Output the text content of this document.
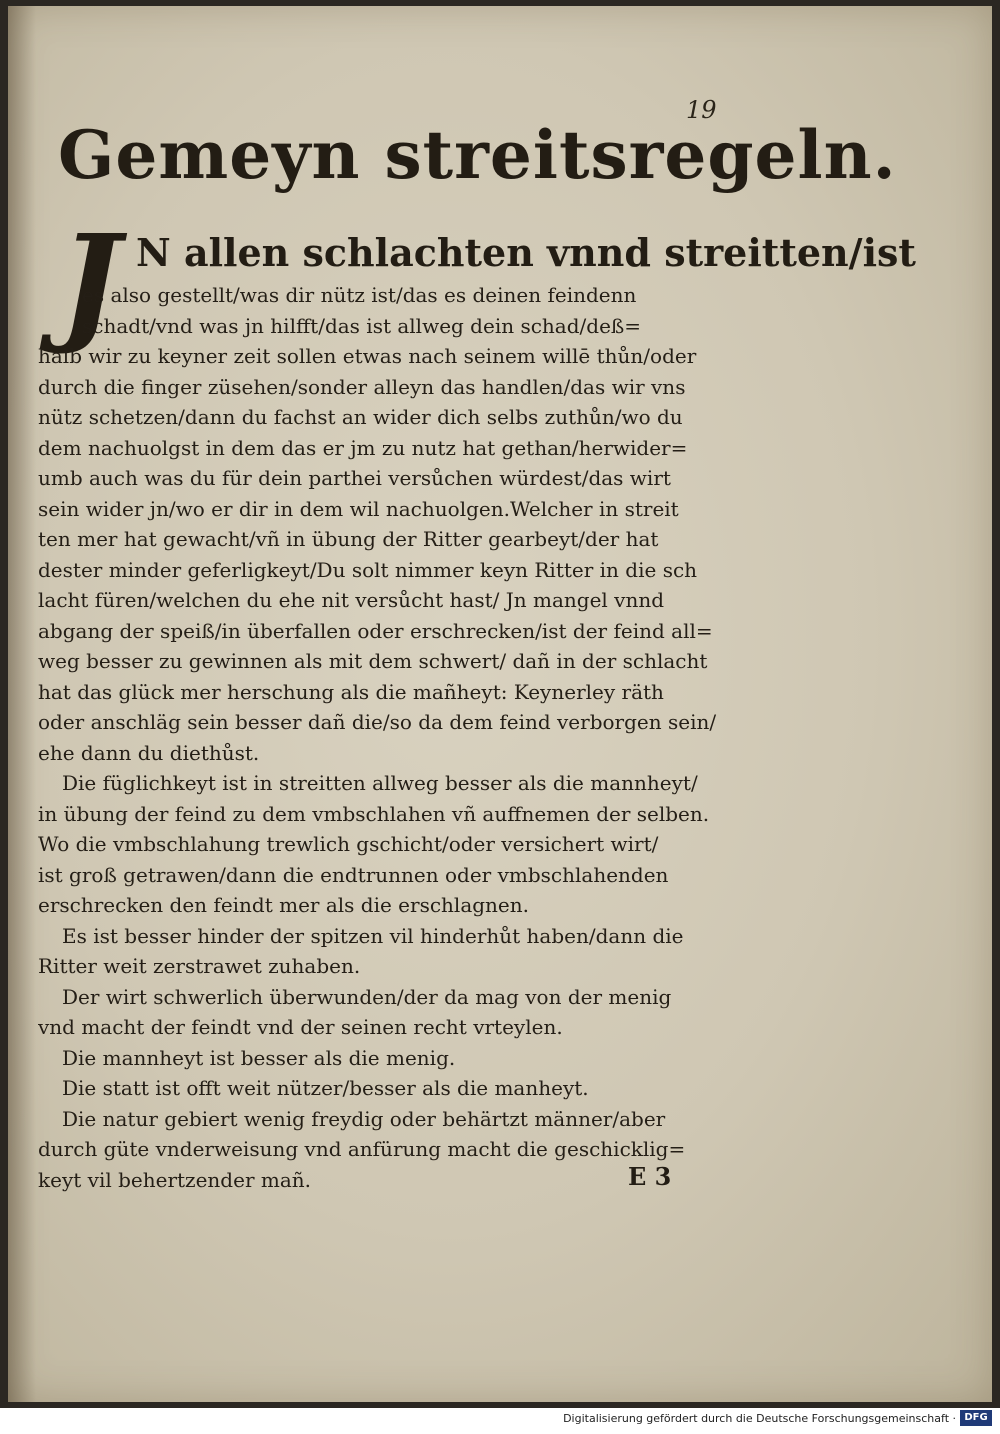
19
Gemeyn streitsregeln.
J N allen schlachten vnnd streitten/ist
es also gestellt/was dir nütz ist/das es deinen feindenn
schadt/vnd was jn hilfft/das ist allweg dein schad/deß=
halb wir zu keyner zeit sollen etwas nach seinem willē thůn/oder
durch die finger züsehen/sonder alleyn das handlen/das wir vns
nütz schetzen/dann du fachst an wider dich selbs zuthůn/wo du
dem nachuolgst in dem das er jm zu nutz hat gethan/herwider=
umb auch was du für dein parthei versůchen würdest/das wirt
sein wider jn/wo er dir in dem wil nachuolgen.Welcher in streit
ten mer hat gewacht/vñ in übung der Ritter gearbeyt/der hat
dester minder geferligkeyt/Du solt nimmer keyn Ritter in die sch
lacht füren/welchen du ehe nit versůcht hast/ Jn mangel vnnd
abgang der speiß/in überfallen oder erschrecken/ist der feind all=
weg besser zu gewinnen als mit dem schwert/ dañ in der schlacht
hat das glück mer herschung als die mañheyt: Keynerley räth
oder anschläg sein besser dañ die/so da dem feind verborgen sein/
ehe dann du diethůst.
Die füglichkeyt ist in streitten allweg besser als die mannheyt/
in übung der feind zu dem vmbschlahen vñ auffnemen der selben.
Wo die vmbschlahung trewlich gschicht/oder versichert wirt/
ist groß getrawen/dann die endtrunnen oder vmbschlahenden
erschrecken den feindt mer als die erschlagnen.
Es ist besser hinder der spitzen vil hinderhůt haben/dann die
Ritter weit zerstrawet zuhaben.
Der wirt schwerlich überwunden/der da mag von der menig
vnd macht der feindt vnd der seinen recht vrteylen.
Die mannheyt ist besser als die menig.
Die statt ist offt weit nützer/besser als die manheyt.
Die natur gebiert wenig freydig oder behärtzt männer/aber
durch güte vnderweisung vnd anfürung macht die geschicklig=
keyt vil behertzender mañ.	E 3
Digitalisierung gefördert durch die Deutsche Forschungsgemeinschaft · DFG
